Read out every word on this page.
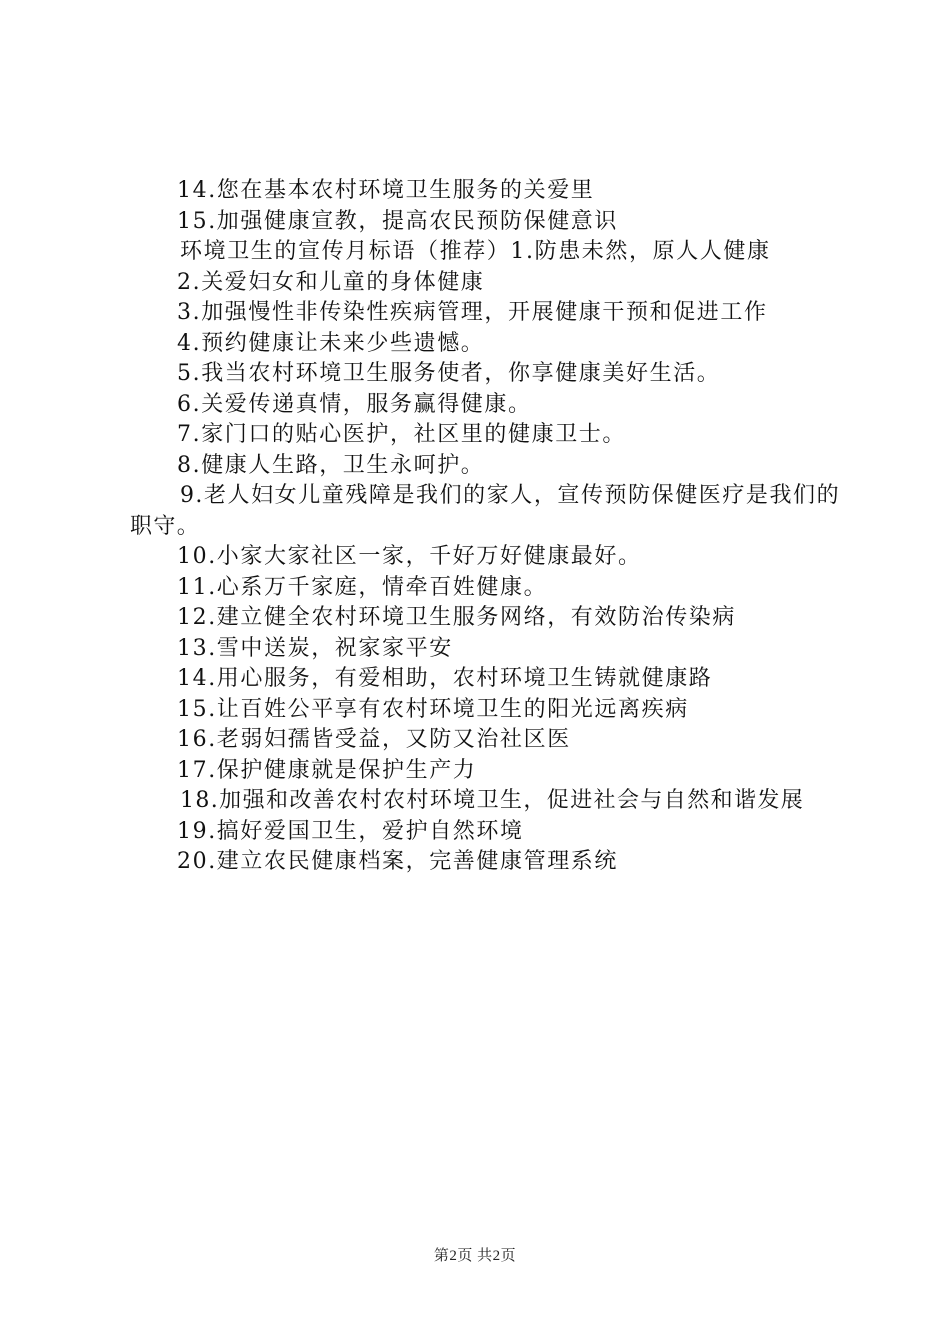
14.您在基本农村环境卫生服务的关爱里
15.加强健康宣教，提高农民预防保健意识
环境卫生的宣传月标语（推荐）1.防患未然，原人人健康
2.关爱妇女和儿童的身体健康
3.加强慢性非传染性疾病管理，开展健康干预和促进工作
4.预约健康让未来少些遗憾。
5.我当农村环境卫生服务使者，你享健康美好生活。
6.关爱传递真情，服务赢得健康。
7.家门口的贴心医护，社区里的健康卫士。
8.健康人生路，卫生永呵护。
9.老人妇女儿童残障是我们的家人，宣传预防保健医疗是我们的职守。
10.小家大家社区一家，千好万好健康最好。
11.心系万千家庭，情牵百姓健康。
12.建立健全农村环境卫生服务网络，有效防治传染病
13.雪中送炭，祝家家平安
14.用心服务，有爱相助，农村环境卫生铸就健康路
15.让百姓公平享有农村环境卫生的阳光远离疾病
16.老弱妇孺皆受益，又防又治社区医
17.保护健康就是保护生产力
18.加强和改善农村农村环境卫生，促进社会与自然和谐发展
19.搞好爱国卫生，爱护自然环境
20.建立农民健康档案，完善健康管理系统
第2页 共2页
